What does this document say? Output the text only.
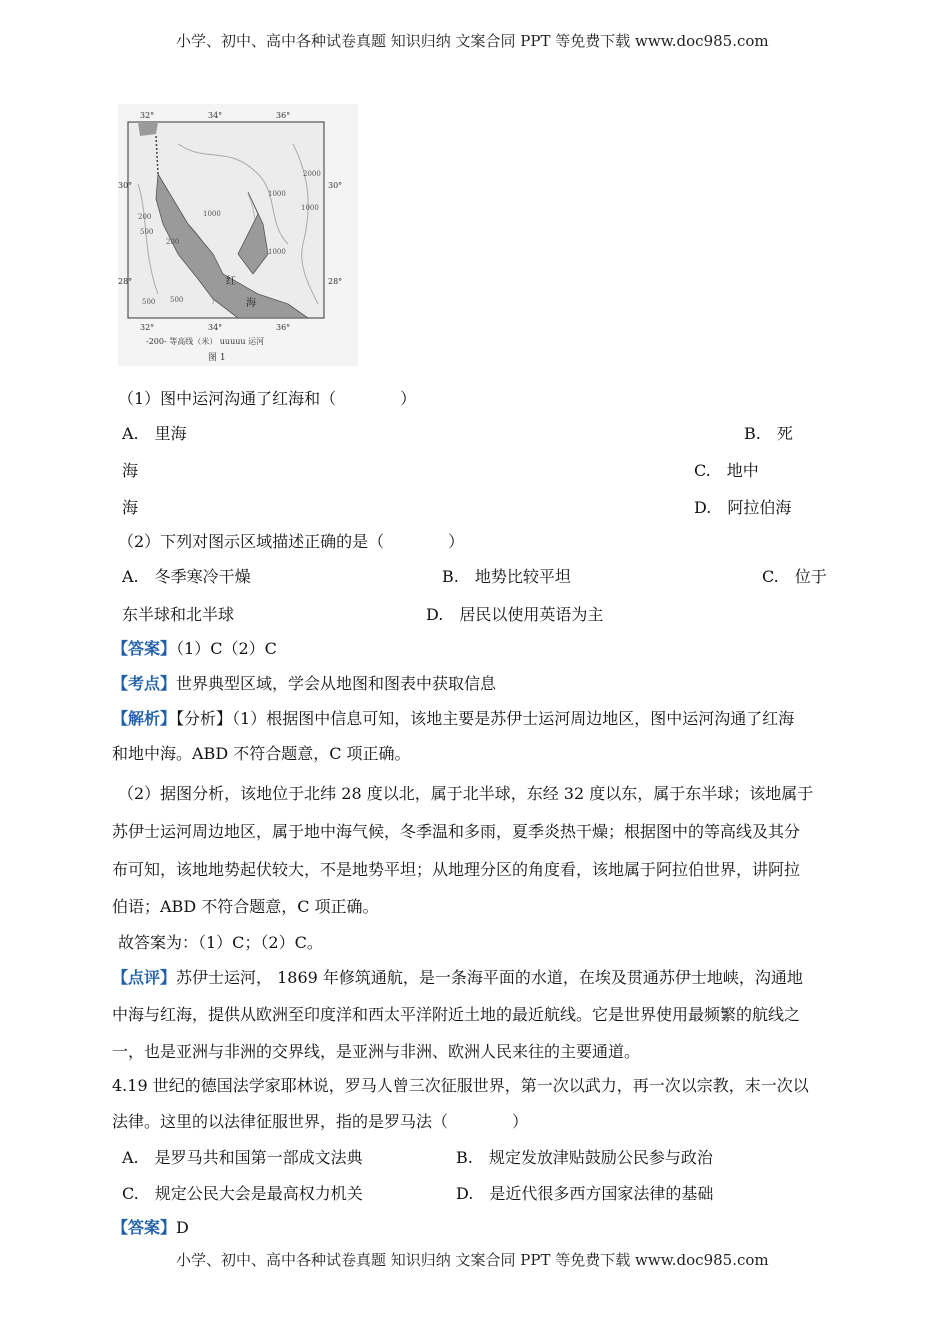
小学、初中、高中各种试卷真题 知识归纳 文案合同 PPT 等免费下载 www.doc985.com
32°	34°	36°
32°	34°	36°
30°	30°
28°	28°
200
500
1000
1000
1000
1000
200
500 500
2000
红
海
-200- 等高线（米） uuuuu 运河
图 1
（1）图中运河沟通了红海和（　　　　）
A.　里海	B.　死
海	C.　地中
海	D.　阿拉伯海
（2）下列对图示区域描述正确的是（　　　　）
A.　冬季寒冷干燥	B.　地势比较平坦	C.　位于
东半球和北半球	D.　居民以使用英语为主
【答案】（1）C（2）C
【考点】世界典型区域，学会从地图和图表中获取信息
【解析】【分析】（1）根据图中信息可知，该地主要是苏伊士运河周边地区，图中运河沟通了红海
和地中海。ABD 不符合题意，C 项正确。
（2）据图分析，该地位于北纬 28 度以北，属于北半球，东经 32 度以东，属于东半球；该地属于
苏伊士运河周边地区，属于地中海气候，冬季温和多雨，夏季炎热干燥；根据图中的等高线及其分
布可知，该地地势起伏较大，不是地势平坦；从地理分区的角度看，该地属于阿拉伯世界，讲阿拉
伯语；ABD 不符合题意，C 项正确。
故答案为：（1）C；（2）C。
【点评】苏伊士运河， 1869 年修筑通航，是一条海平面的水道，在埃及贯通苏伊士地峡，沟通地
中海与红海，提供从欧洲至印度洋和西太平洋附近土地的最近航线。它是世界使用最频繁的航线之
一，也是亚洲与非洲的交界线，是亚洲与非洲、欧洲人民来往的主要通道。
4.19 世纪的德国法学家耶林说，罗马人曾三次征服世界，第一次以武力，再一次以宗教，末一次以
法律。这里的以法律征服世界，指的是罗马法（　　　　）
A.　是罗马共和国第一部成文法典	B.　规定发放津贴鼓励公民参与政治
C.　规定公民大会是最高权力机关	D.　是近代很多西方国家法律的基础
【答案】D
小学、初中、高中各种试卷真题 知识归纳 文案合同 PPT 等免费下载 www.doc985.com
